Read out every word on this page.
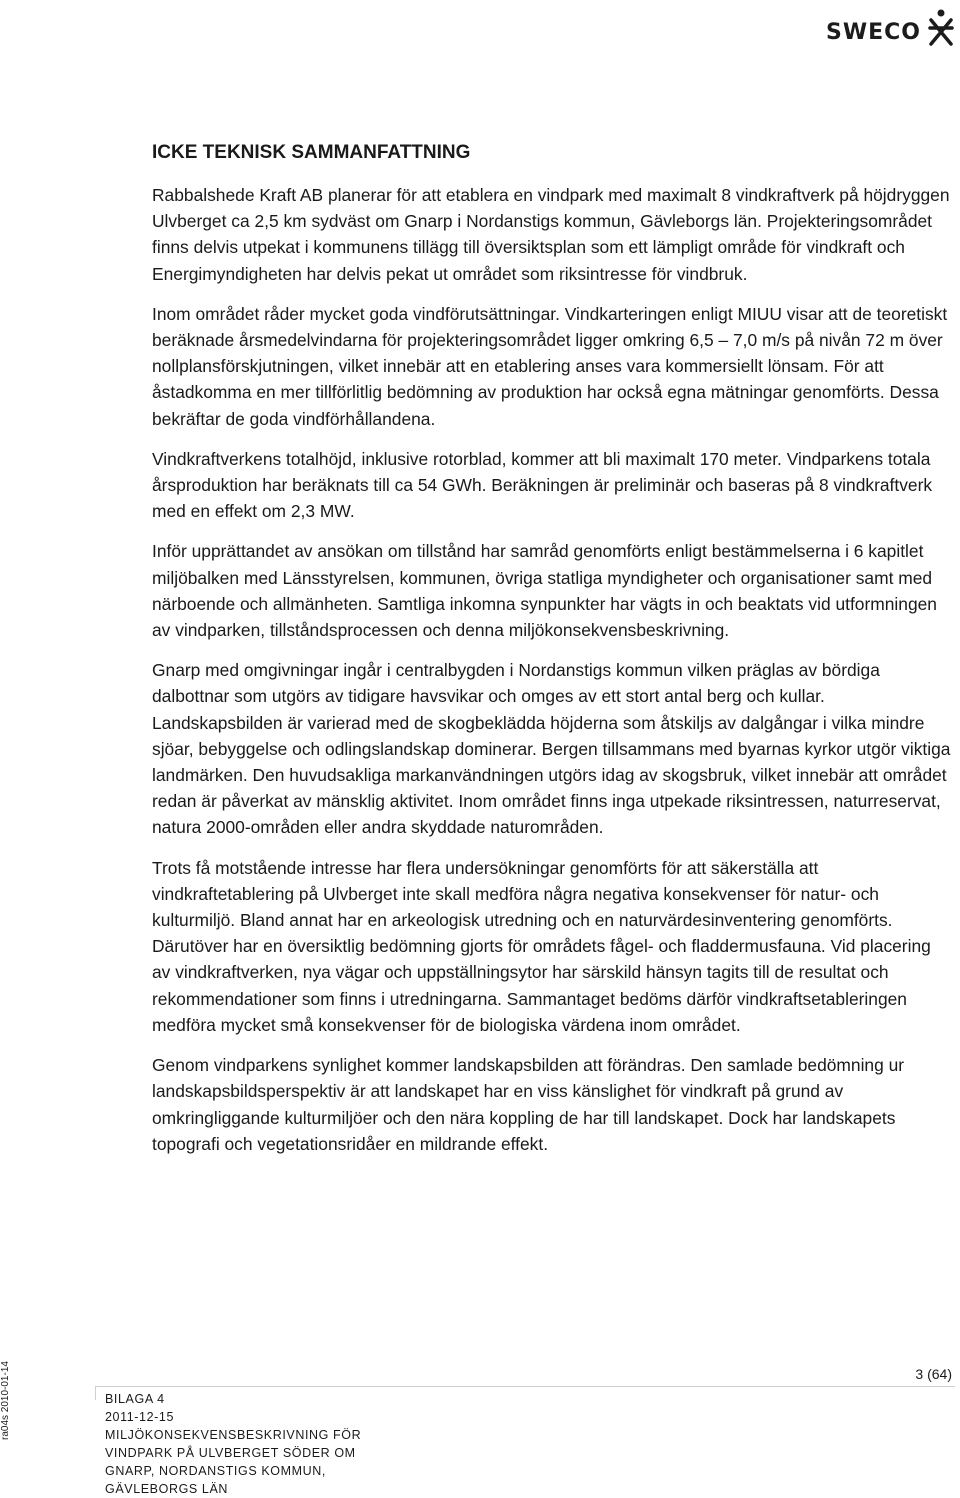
SWECO
ICKE TEKNISK SAMMANFATTNING

Rabbalshede Kraft AB planerar för att etablera en vindpark med maximalt 8 vindkraftverk på höjdryggen Ulvberget ca 2,5 km sydväst om Gnarp i Nordanstigs kommun, Gävleborgs län. Projekteringsområdet finns delvis utpekat i kommunens tillägg till översiktsplan som ett lämpligt område för vindkraft och Energimyndigheten har delvis pekat ut området som riksintresse för vindbruk.

Inom området råder mycket goda vindförutsättningar. Vindkarteringen enligt MIUU visar att de teoretiskt beräknade årsmedelvindarna för projekteringsområdet ligger omkring 6,5 – 7,0 m/s på nivån 72 m över nollplansförskjutningen, vilket innebär att en etablering anses vara kommersiellt lönsam. För att åstadkomma en mer tillförlitlig bedömning av produktion har också egna mätningar genomförts. Dessa bekräftar de goda vindförhållandena.

Vindkraftverkens totalhöjd, inklusive rotorblad, kommer att bli maximalt 170 meter. Vindparkens totala årsproduktion har beräknats till ca 54 GWh. Beräkningen är preliminär och baseras på 8 vindkraftverk med en effekt om 2,3 MW.

Inför upprättandet av ansökan om tillstånd har samråd genomförts enligt bestämmelserna i 6 kapitlet miljöbalken med Länsstyrelsen, kommunen, övriga statliga myndigheter och organisationer samt med närboende och allmänheten. Samtliga inkomna synpunkter har vägts in och beaktats vid utformningen av vindparken, tillståndsprocessen och denna miljökonsekvensbeskrivning.

Gnarp med omgivningar ingår i centralbygden i Nordanstigs kommun vilken präglas av bördiga dalbottnar som utgörs av tidigare havsvikar och omges av ett stort antal berg och kullar. Landskapsbilden är varierad med de skogbeklädda höjderna som åtskiljs av dalgångar i vilka mindre sjöar, bebyggelse och odlingslandskap dominerar. Bergen tillsammans med byarnas kyrkor utgör viktiga landmärken. Den huvudsakliga markanvändningen utgörs idag av skogsbruk, vilket innebär att området redan är påverkat av mänsklig aktivitet. Inom området finns inga utpekade riksintressen, naturreservat, natura 2000-områden eller andra skyddade naturområden.

Trots få motstående intresse har flera undersökningar genomförts för att säkerställa att vindkraftetablering på Ulvberget inte skall medföra några negativa konsekvenser för natur- och kulturmiljö. Bland annat har en arkeologisk utredning och en naturvärdesinventering genomförts. Därutöver har en översiktlig bedömning gjorts för områdets fågel- och fladdermusfauna. Vid placering av vindkraftverken, nya vägar och uppställningsytor har särskild hänsyn tagits till de resultat och rekommendationer som finns i utredningarna. Sammantaget bedöms därför vindkraftsetableringen medföra mycket små konsekvenser för de biologiska värdena inom området.

Genom vindparkens synlighet kommer landskapsbilden att förändras. Den samlade bedömning ur landskapsbildsperspektiv är att landskapet har en viss känslighet för vindkraft på grund av omkringliggande kulturmiljöer och den nära koppling de har till landskapet. Dock har landskapets topografi och vegetationsridåer en mildrande effekt.

ra04s 2010-01-14	3 (64)
BILAGA 4
2011-12-15
MILJÖKONSEKVENSBESKRIVNING FÖR
VINDPARK PÅ ULVBERGET SÖDER OM
GNARP, NORDANSTIGS KOMMUN,
GÄVLEBORGS LÄN
